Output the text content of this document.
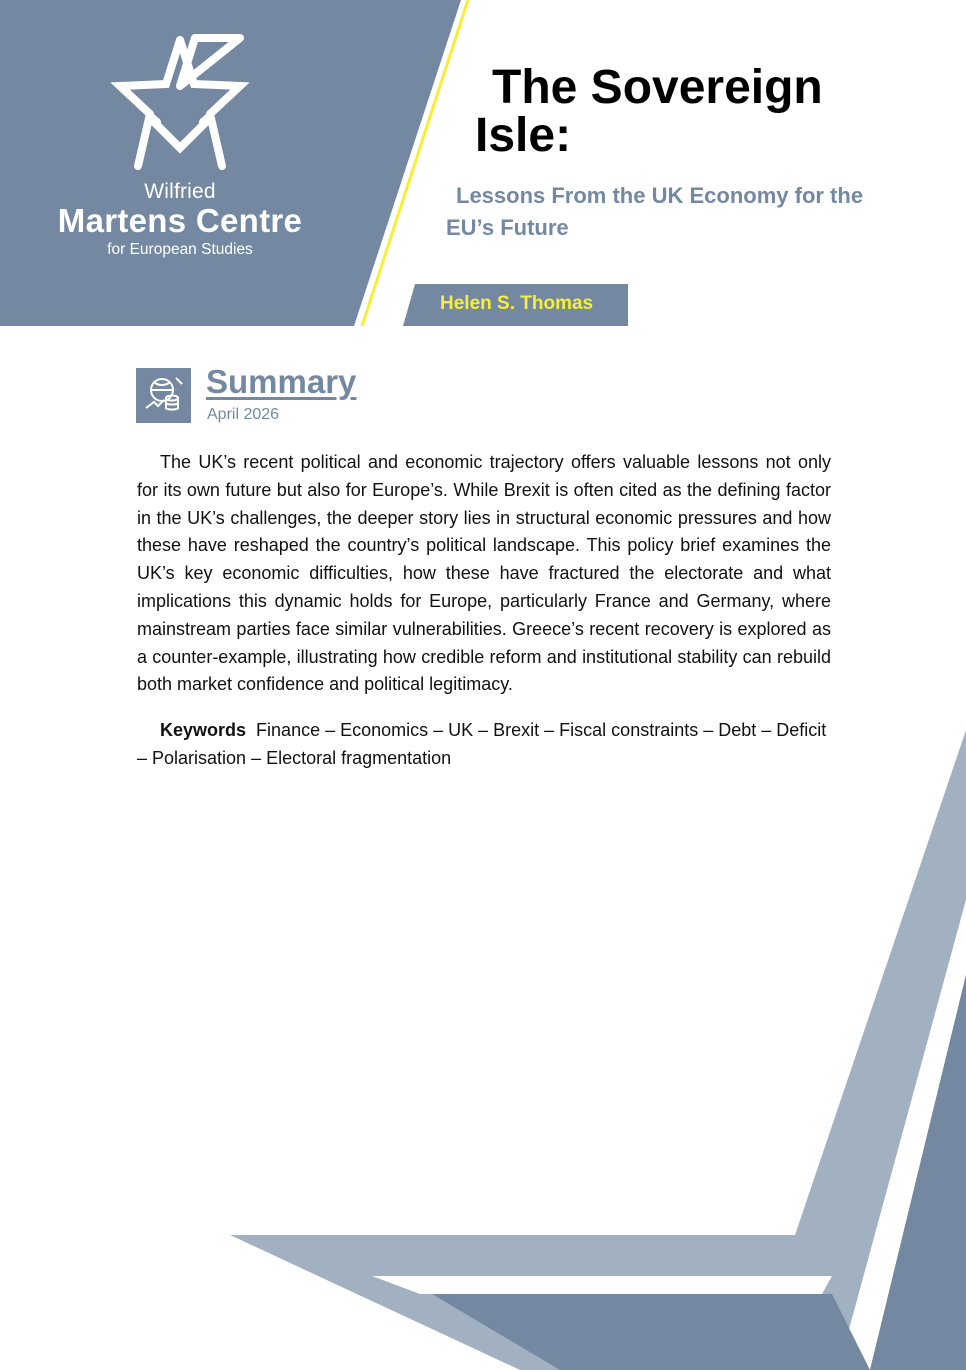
Wilfried
Martens Centre
for European Studies
The Sovereign
Isle:
Lessons From the UK Economy for the
EU’s Future
Helen S. Thomas
Summary
April 2026

The UK’s recent political and economic trajectory offers valuable lessons not only for its own future but also for Europe’s. While Brexit is often cited as the defining factor in the UK’s challenges, the deeper story lies in structural economic pressures and how these have reshaped the country’s political landscape. This policy brief examines the UK’s key economic difficulties, how these have fractured the electorate and what implications this dynamic holds for Europe, particularly France and Germany, where mainstream parties face similar vulnerabilities. Greece’s recent recovery is explored as a counter-example, illustrating how credible reform and institutional stability can rebuild both market confidence and political legitimacy.

Keywords Finance – Economics – UK – Brexit – Fiscal constraints – Debt – Deficit – Polarisation – Electoral fragmentation
